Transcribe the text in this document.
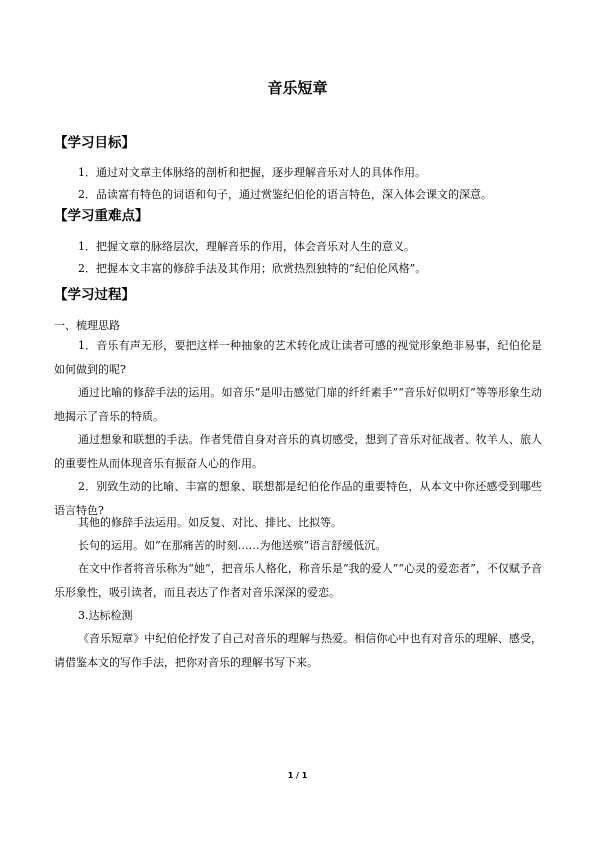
音乐短章
【学习目标】
1．通过对文章主体脉络的剖析和把握，逐步理解音乐对人的具体作用。
2．品读富有特色的词语和句子，通过赏鉴纪伯伦的语言特色，深入体会课文的深意。
【学习重难点】
1．把握文章的脉络层次，理解音乐的作用，体会音乐对人生的意义。
2．把握本文丰富的修辞手法及其作用；欣赏热烈独特的“纪伯伦风格”。
【学习过程】
一、梳理思路

1．音乐有声无形，要把这样一种抽象的艺术转化成让读者可感的视觉形象绝非易事，纪伯伦是如何做到的呢?

通过比喻的修辞手法的运用。如音乐“是叩击感觉门扉的纤纤素手”“音乐好似明灯”等等形象生动地揭示了音乐的特质。

通过想象和联想的手法。作者凭借自身对音乐的真切感受，想到了音乐对征战者、牧羊人、旅人的重要性从而体现音乐有振奋人心的作用。

2．别致生动的比喻、丰富的想象、联想都是纪伯伦作品的重要特色，从本文中你还感受到哪些语言特色?

其他的修辞手法运用。如反复、对比、排比、比拟等。

长句的运用。如“在那痛苦的时刻……为他送殡”语言舒缓低沉。

在文中作者将音乐称为“她”，把音乐人格化，称音乐是“我的爱人”“心灵的爱恋者”，不仅赋予音乐形象性，吸引读者，而且表达了作者对音乐深深的爱恋。

3.达标检测

《音乐短章》中纪伯伦抒发了自己对音乐的理解与热爱。相信你心中也有对音乐的理解、感受，请借鉴本文的写作手法，把你对音乐的理解书写下来。

1 / 1
